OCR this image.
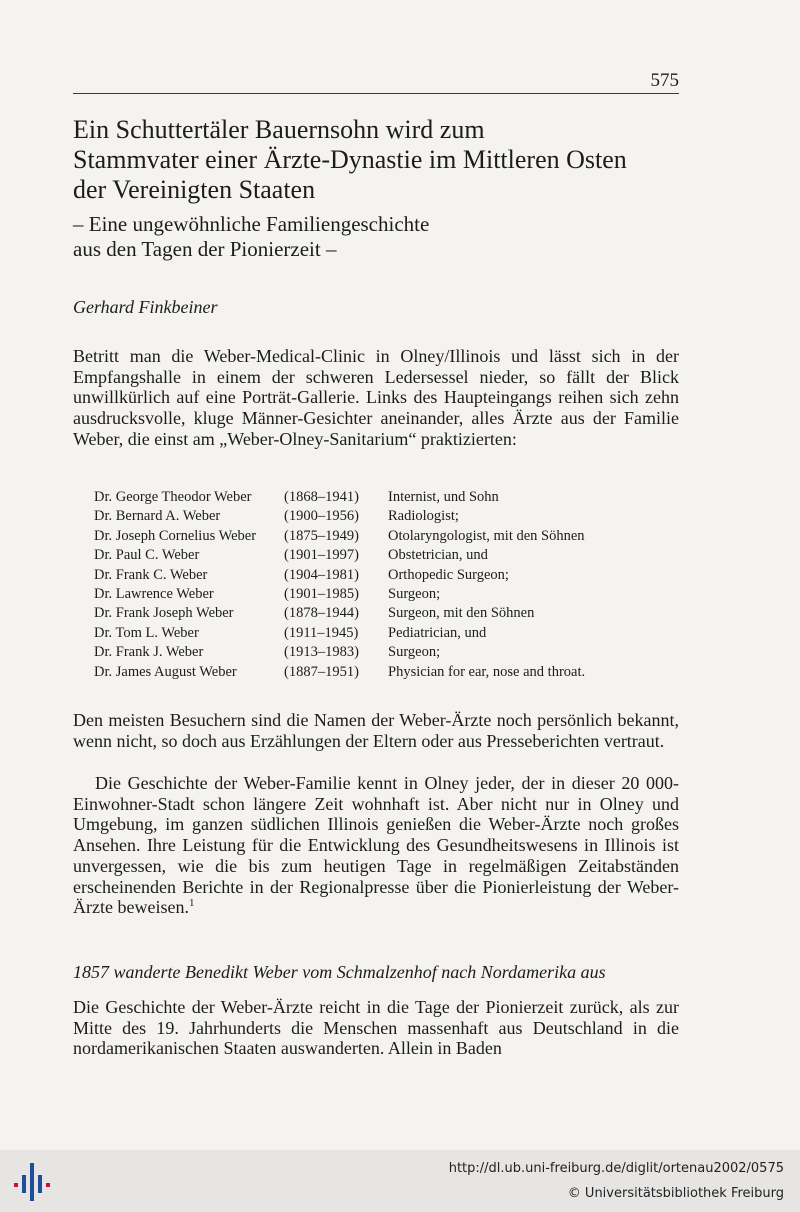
575
Ein Schuttertäler Bauernsohn wird zum
Stammvater einer Ärzte-Dynastie im Mittleren Osten
der Vereinigten Staaten
– Eine ungewöhnliche Familiengeschichte
aus den Tagen der Pionierzeit –
Gerhard Finkbeiner

Betritt man die Weber-Medical-Clinic in Olney/Illinois und lässt sich in der Empfangshalle in einem der schweren Ledersessel nieder, so fällt der Blick unwillkürlich auf eine Porträt-Gallerie. Links des Haupteingangs reihen sich zehn ausdrucksvolle, kluge Männer-Gesichter aneinander, alles Ärzte aus der Familie Weber, die einst am „Weber-Olney-Sanitarium“ praktizierten:

Dr. George Theodor Weber	(1868–1941)	Internist, und Sohn
Dr. Bernard A. Weber	(1900–1956)	Radiologist;
Dr. Joseph Cornelius Weber	(1875–1949)	Otolaryngologist, mit den Söhnen
Dr. Paul C. Weber	(1901–1997)	Obstetrician, und
Dr. Frank C. Weber	(1904–1981)	Orthopedic Surgeon;
Dr. Lawrence Weber	(1901–1985)	Surgeon;
Dr. Frank Joseph Weber	(1878–1944)	Surgeon, mit den Söhnen
Dr. Tom L. Weber	(1911–1945)	Pediatrician, und
Dr. Frank J. Weber	(1913–1983)	Surgeon;
Dr. James August Weber	(1887–1951)	Physician for ear, nose and throat.

Den meisten Besuchern sind die Namen der Weber-Ärzte noch persönlich bekannt, wenn nicht, so doch aus Erzählungen der Eltern oder aus Presseberichten vertraut.

Die Geschichte der Weber-Familie kennt in Olney jeder, der in dieser 20 000-Einwohner-Stadt schon längere Zeit wohnhaft ist. Aber nicht nur in Olney und Umgebung, im ganzen südlichen Illinois genießen die Weber-Ärzte noch großes Ansehen. Ihre Leistung für die Entwicklung des Gesundheitswesens in Illinois ist unvergessen, wie die bis zum heutigen Tage in regelmäßigen Zeitabständen erscheinenden Berichte in der Regionalpresse über die Pionierleistung der Weber-Ärzte beweisen.$^1$

1857 wanderte Benedikt Weber vom Schmalzenhof nach Nordamerika aus

Die Geschichte der Weber-Ärzte reicht in die Tage der Pionierzeit zurück, als zur Mitte des 19. Jahrhunderts die Menschen massenhaft aus Deutschland in die nordamerikanischen Staaten auswanderten. Allein in Baden

http://dl.ub.uni-freiburg.de/diglit/ortenau2002/0575
© Universitätsbibliothek Freiburg
